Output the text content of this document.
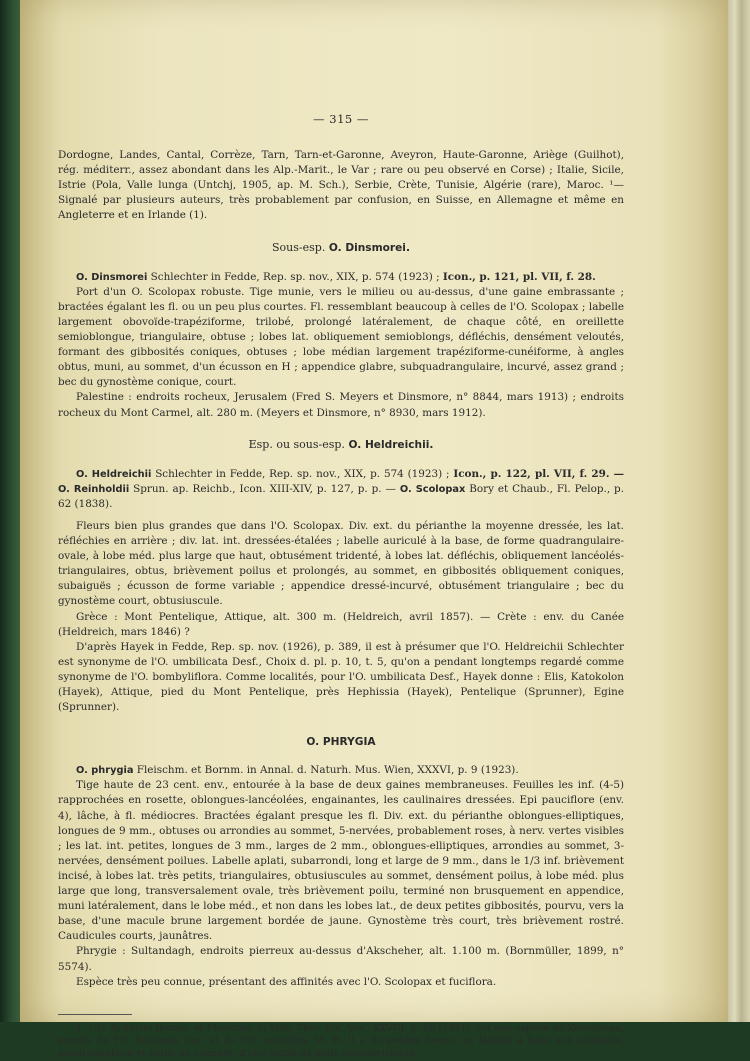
— 315 —

Dordogne, Landes, Cantal, Corrèze, Tarn, Tarn-et-Garonne, Aveyron, Haute-Garonne, Ariège (Guilhot), rég. méditerr., assez abondant dans les Alp.-Marit., le Var ; rare ou peu observé en Corse) ; Italie, Sicile, Istrie (Pola, Valle lunga (Untchj, 1905, ap. M. Sch.), Serbie, Crète, Tunisie, Algérie (rare), Maroc. ¹— Signalé par plusieurs auteurs, très probablement par confusion, en Suisse, en Allemagne et même en Angleterre et en Irlande (1).

Sous-esp. O. Dinsmorei.

O. Dinsmorei Schlechter in Fedde, Rep. sp. nov., XIX, p. 574 (1923) ; Icon., p. 121, pl. VII, f. 28.

Port d'un O. Scolopax robuste. Tige munie, vers le milieu ou au-dessus, d'une gaine embrassante ; bractées égalant les fl. ou un peu plus courtes. Fl. ressemblant beaucoup à celles de l'O. Scolopax ; labelle largement obovoïde-trapéziforme, trilobé, prolongé latéralement, de chaque côté, en oreillette semioblongue, triangulaire, obtuse ; lobes lat. obliquement semioblongs, défléchis, densément veloutés, formant des gibbosités coniques, obtuses ; lobe médian largement trapéziforme-cunéiforme, à angles obtus, muni, au sommet, d'un écusson en H ; appendice glabre, subquadrangulaire, incurvé, assez grand ; bec du gynostème conique, court.

Palestine : endroits rocheux, Jerusalem (Fred S. Meyers et Dinsmore, n° 8844, mars 1913) ; endroits rocheux du Mont Carmel, alt. 280 m. (Meyers et Dinsmore, n° 8930, mars 1912).

Esp. ou sous-esp. O. Heldreichii.

O. Heldreichii Schlechter in Fedde, Rep. sp. nov., XIX, p. 574 (1923) ; Icon., p. 122, pl. VII, f. 29. — O. Reinholdii Sprun. ap. Reichb., Icon. XIII-XIV, p. 127, p. p. — O. Scolopax Bory et Chaub., Fl. Pelop., p. 62 (1838).

Fleurs bien plus grandes que dans l'O. Scolopax. Div. ext. du périanthe la moyenne dressée, les lat. réfléchies en arrière ; div. lat. int. dressées-étalées ; labelle auriculé à la base, de forme quadrangulaire-ovale, à lobe méd. plus large que haut, obtusément tridenté, à lobes lat. défléchis, obliquement lancéolés-triangulaires, obtus, brièvement poilus et prolongés, au sommet, en gibbosités obliquement coniques, subaiguës ; écusson de forme variable ; appendice dressé-incurvé, obtusément triangulaire ; bec du gynostème court, obtusiuscule.

Grèce : Mont Pentelique, Attique, alt. 300 m. (Heldreich, avril 1857). — Crète : env. du Canée (Heldreich, mars 1846) ?

D'après Hayek in Fedde, Rep. sp. nov. (1926), p. 389, il est à présumer que l'O. Heldreichii Schlechter est synonyme de l'O. umbilicata Desf., Choix d. pl. p. 10, t. 5, qu'on a pendant longtemps regardé comme synonyme de l'O. bombyliflora. Comme localités, pour l'O. umbilicata Desf., Hayek donne : Elis, Katokolon (Hayek), Attique, pied du Mont Pentelique, près Hephissia (Hayek), Pentelique (Sprunner), Egine (Sprunner).

O. PHRYGIA

O. phrygia Fleischm. et Bornm. in Annal. d. Naturh. Mus. Wien, XXXVI, p. 9 (1923).

Tige haute de 23 cent. env., entourée à la base de deux gaines membraneuses. Feuilles les inf. (4-5) rapprochées en rosette, oblongues-lancéolées, engainantes, les caulinaires dressées. Epi pauciflore (env. 4), lâche, à fl. médiocres. Bractées égalant presque les fl. Div. ext. du périanthe oblongues-elliptiques, longues de 9 mm., obtuses ou arrondies au sommet, 5-nervées, probablement roses, à nerv. vertes visibles ; les lat. int. petites, longues de 3 mm., larges de 2 mm., oblongues-elliptiques, arrondies au sommet, 3-nervées, densément poilues. Labelle aplati, subarrondi, long et large de 9 mm., dans le 1/3 inf. brièvement incisé, à lobes lat. très petits, triangulaires, obtusiuscules au sommet, densément poilus, à lobe méd. plus large que long, transversalement ovale, très brièvement poilu, terminé non brusquement en appendice, muni latéralement, dans le lobe méd., et non dans les lobes lat., de deux petites gibbosités, pourvu, vers la base, d'une macule brune largement bordée de jaune. Gynostème très court, très brièvement rostré. Caudicules courts, jaunâtres.

Phrygie : Sultandagh, endroits pierreux au-dessus d'Akscheher, alt. 1.100 m. (Bornmüller, 1899, n° 5574).

Espèce très peu connue, présentant des affinités avec l'O. Scolopax et fuciflora.

1. L'O. Schulzei Bornm. et Fleischm. in Mitt. Thür. Bot. Ver., XXVIII, p. 60 (1911), est une espèce du Kourdistan, proche de l'O. Scolopax Cav. et de l'O. oestrifera M. B. Il a de petites fleurs, un labelle à base non atténuée, quadrangulaire et muni, au sommet, d'une touffe de poils caractéristique.
